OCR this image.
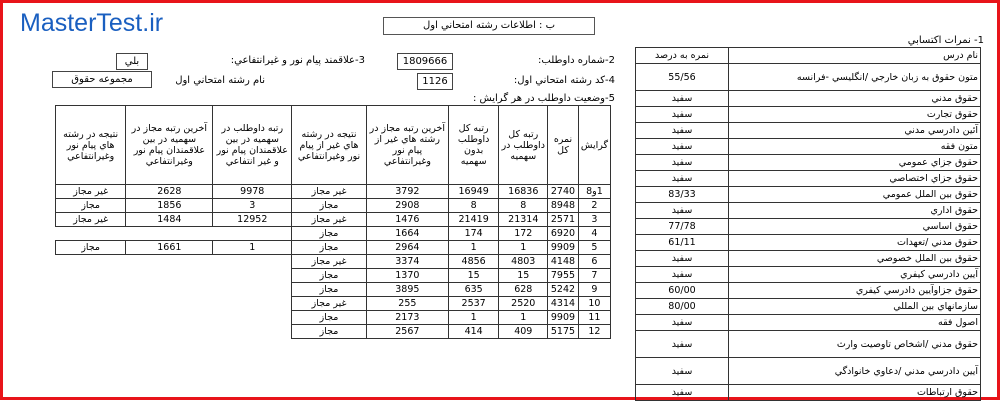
MasterTest.ir	ب : اطلاعات رشته امتحاني اول
1- نمرات اكتسابي
2-شماره داوطلب:
1809666
3-علاقمند پيام نور و غيرانتفاعي:
بلي
4-كد رشته امتحاني اول:
1126
نام رشته امتحاني اول
مجموعه حقوق
5-وضعيت داوطلب در هر گرايش :
نام درس	نمره به درصد
متون حقوق به زبان خارجي /انگليسي -فرانسه	55/56
حقوق مدني	سفيد
حقوق تجارت	سفيد
آئين دادرسي مدني	سفيد
متون فقه	سفيد
حقوق جزاي عمومي	سفيد
حقوق جزاي اختصاصي	سفيد
حقوق بين الملل عمومي	83/33
حقوق اداري	سفيد
حقوق اساسي	77/78
حقوق مدني /تعهدات	61/11
حقوق بين الملل خصوصي	سفيد
آيين دادرسي كيفري	سفيد
حقوق جزاوآيين دادرسي كيفري	60/00
سازمانهاي بين المللي	80/00
اصول فقه	سفيد
حقوق مدني /اشخاص تاوصيت وارث	سفيد
آيين دادرسي مدني /دعاوي خانوادگي	سفيد
حقوق ارتباطات	سفيد
گرايش	نمره كل	رتبه كل داوطلب در سهميه	رتبه كل داوطلب بدون سهميه	آخرين رتبه مجاز در رشته هاي غير از پيام نور وغيرانتفاعي	نتيجه در رشته هاي غير از پيام نور وغيرانتفاعي	رتبه داوطلب در سهميه در بين علاقمندان پيام نور و غير انتفاعي	آخرين رتبه مجاز در سهميه در بين علاقمندان پيام نور وغيرانتفاعي	نتيجه در رشته هاي پيام نور وغيرانتفاعي
1و8	2740	16836	16949	3792	غير مجاز	9978	2628	غير مجاز
2	8948	8	8	2908	مجاز	3	1856	مجاز
3	2571	21314	21419	1476	غير مجاز	12952	1484	غير مجاز
4	6920	172	174	1664	مجاز			
5	9909	1	1	2964	مجاز	1	1661	مجاز
6	4148	4803	4856	3374	غير مجاز			
7	7955	15	15	1370	مجاز			
9	5242	628	635	3895	مجاز			
10	4314	2520	2537	255	غير مجاز			
11	9909	1	1	2173	مجاز			
12	5175	409	414	2567	مجاز			
